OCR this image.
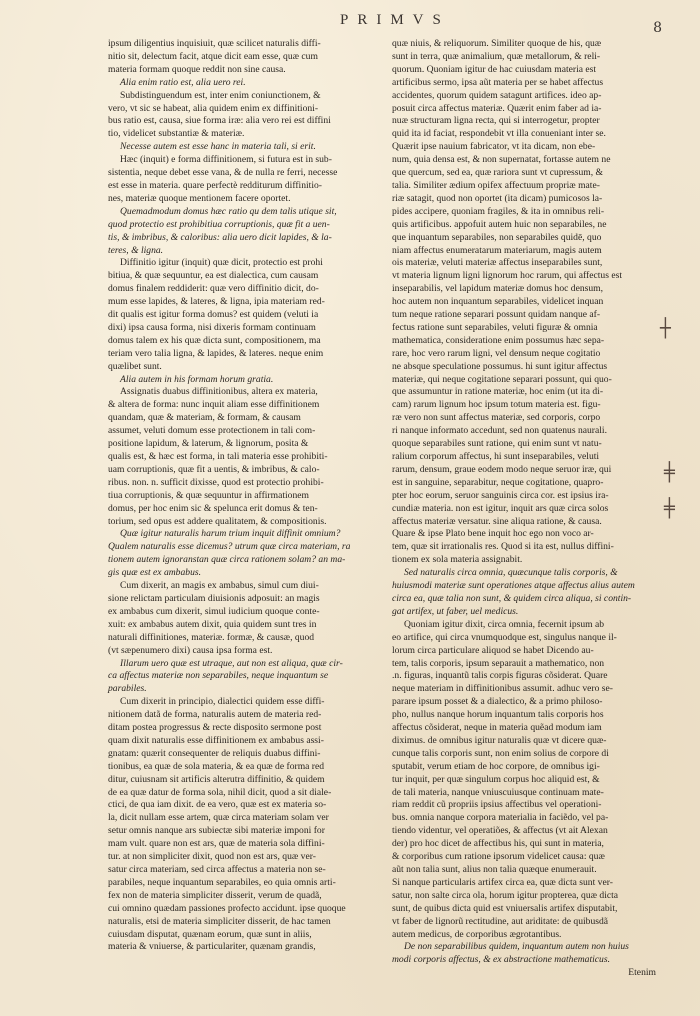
PRIMVS	8

ipsum diligentius inquisiuit, quæ scilicet naturalis diffi-

nitio sit, delectum facit, atque dicit eam esse, quæ cum

materia formam quoque reddit non sine causa.

Alia enim ratio est, alia uero rei.

Subdistinguendum est, inter enim coniunctionem, &

vero, vt sic se habeat, alia quidem enim ex diffinitioni-

bus ratio est, causa, siue forma iræ: alia vero rei est diffini

tio, videlicet substantiæ & materiæ.

Necesse autem est esse hanc in materia tali, si erit.

Hæc (inquit) e forma diffinitionem, si futura est in sub-

sistentia, neque debet esse vana, & de nulla re ferri, necesse

est esse in materia. quare perfectè redditurum diffinitio-

nes, materiæ quoque mentionem facere oportet.

Quemadmodum domus hæc ratio qu dem talis utique sit,

quod protectio est prohibitiua corruptionis, quæ fit a uen-

tis, & imbribus, & caloribus: alia uero dicit lapides, & la-

teres, & ligna.

Diffinitio igitur (inquit) quæ dicit, protectio est prohi

bitiua, & quæ sequuntur, ea est dialectica, cum causam

domus finalem reddiderit: quæ vero diffinitio dicit, do-

mum esse lapides, & lateres, & ligna, ipia materiam red-

dit qualis est igitur forma domus? est quidem (veluti ia

dixi) ipsa causa forma, nisi dixeris formam continuam

domus talem ex his quæ dicta sunt, compositionem, ma

teriam vero talia ligna, & lapides, & lateres. neque enim

quælibet sunt.

Alia autem in his formam horum gratia.

Assignatis duabus diffinitionibus, altera ex materia,

& altera de forma: nunc inquit aliam esse diffinitionem

quandam, quæ & materiam, & formam, & causam

assumet, veluti domum esse protectionem in tali com-

positione lapidum, & laterum, & lignorum, posita &

qualis est, & hæc est forma, in tali materia esse prohibiti-

uam corruptionis, quæ fit a uentis, & imbribus, & calo-

ribus. non. n. sufficit dixisse, quod est protectio prohibi-

tiua corruptionis, & quæ sequuntur in affirmationem

domus, per hoc enim sic & spelunca erit domus & ten-

torium, sed opus est addere qualitatem, & compositionis.

Quæ igitur naturalis harum trium inquit diffinit omnium?

Qualem naturalis esse dicemus? utrum quæ circa materiam, ra

tionem autem ignoranstan quæ circa rationem solam? an ma-

gis quæ est ex ambabus.

Cum dixerit, an magis ex ambabus, simul cum diui-

sione relictam particulam diuisionis adposuit: an magis

ex ambabus cum dixerit, simul iudicium quoque conte-

xuit: ex ambabus autem dixit, quia quidem sunt tres in

naturali diffinitiones, materiæ. formæ, & causæ, quod

(vt sæpenumero dixi) causa ipsa forma est.

Illarum uero quæ est utraque, aut non est aliqua, quæ cir-

ca affectus materiæ non separabiles, neque inquantum se

parabiles.

Cum dixerit in principio, dialectici quidem esse diffi-

nitionem datã de forma, naturalis autem de materia red-

ditam postea progressus & recte disposito sermone post

quam dixit naturalis esse diffinitionem ex ambabus assi-

gnatam: quærit consequenter de reliquis duabus diffini-

tionibus, ea quæ de sola materia, & ea quæ de forma red

ditur, cuiusnam sit artificis alterutra diffinitio, & quidem

de ea quæ datur de forma sola, nihil dicit, quod a sit diale-

ctici, de qua iam dixit. de ea vero, quæ est ex materia so-

la, dicit nullam esse artem, quæ circa materiam solam ver

setur omnis nanque ars subiectæ sibi materiæ imponi for

mam vult. quare non est ars, quæ de materia sola diffini-

tur. at non simpliciter dixit, quod non est ars, quæ ver-

satur circa materiam, sed circa affectus a materia non se-

parabiles, neque inquantum separabiles, eo quia omnis arti-

fex non de materia simpliciter disserit, verum de quadã,

cui omnino quædam passiones profecto accidunt. ipse quoque

naturalis, etsi de materia simpliciter disserit, de hac tamen

cuiusdam disputat, quænam eorum, quæ sunt in aliis,

materia & vniuerse, & particulariter, quænam grandis,

quæ niuis, & reliquorum. Similiter quoque de his, quæ

sunt in terra, quæ animalium, quæ metallorum, & reli-

quorum. Quoniam igitur de hac cuiusdam materia est

artificibus sermo, ipsa aũt materia per se habet affectus

accidentes, quorum quidem satagunt artifices. ideo ap-

posuit circa affectus materiæ. Quærit enim faber ad ia-

nuæ structuram ligna recta, qui si interrogetur, propter

quid ita id faciat, respondebit vt illa conueniant inter se.

Quærit ipse nauium fabricator, vt ita dicam, non ebe-

num, quia densa est, & non supernatat, fortasse autem ne

que quercum, sed ea, quæ rariora sunt vt cupressum, &

talia. Similiter ædium opifex affectuum propriæ mate-

riæ satagit, quod non oportet (ita dicam) pumicosos la-

pides accipere, quoniam fragiles, & ita in omnibus reli-

quis artificibus. appofuit autem huic non separabiles, ne

que inquantum separabiles, non separabiles quidē, quo

niam affectus enumeratarum materiarum, magis autem

ois materiæ, veluti materiæ affectus inseparabiles sunt,

vt materia lignum ligni lignorum hoc rarum, qui affectus est

inseparabilis, vel lapidum materiæ domus hoc densum,

hoc autem non inquantum separabiles, videlicet inquan

tum neque ratione separari possunt quidam nanque af-

fectus ratione sunt separabiles, veluti figuræ & omnia

mathematica, consideratione enim possumus hæc sepa-

rare, hoc vero rarum ligni, vel densum neque cogitatio

ne absque speculatione possumus. hi sunt igitur affectus

materiæ, qui neque cogitatione separari possunt, qui quo-

que assumuntur in ratione materiæ, hoc enim (ut ita di-

cam) rarum lignum hoc ipsum totum materia est. figu-

ræ vero non sunt affectus materiæ, sed corporis, corpo

ri nanque informato accedunt, sed non quatenus naurali.

quoque separabiles sunt ratione, qui enim sunt vt natu-

ralium corporum affectus, hi sunt inseparabiles, veluti

rarum, densum, graue eodem modo neque seruor iræ, qui

est in sanguine, separabitur, neque cogitatione, quapro-

pter hoc eorum, seruor sanguinis circa cor. est ipsius ira-

cundiæ materia. non est igitur, inquit ars quæ circa solos

affectus materiæ versatur. sine aliqua ratione, & causa.

Quare & ipse Plato bene inquit hoc ego non voco ar-

tem, quæ sit irrationalis res. Quod si ita est, nullus diffini-

tionem ex sola materia assignabit.

Sed naturalis circa omnia, quæcunque talis corporis, &

huiusmodi materiæ sunt operationes atque affectus alius autem

circa ea, quæ talia non sunt, & quidem circa aliqua, si contin-

gat artifex, ut faber, uel medicus.

Quoniam igitur dixit, circa omnia, fecernit ipsum ab

eo artifice, qui circa vnumquodque est, singulus nanque il-

lorum circa particulare aliquod se habet Dicendo au-

tem, talis corporis, ipsum separauit a mathematico, non

.n. figuras, inquantũ talis corpis figuras cõsiderat. Quare

neque materiam in diffinitionibus assumit. adhuc vero se-

parare ipsum posset & a dialectico, & a primo philoso-

pho, nullus nanque horum inquantum talis corporis hos

affectus cõsiderat, neque in materia quẽad modum iam

diximus. de omnibus igitur naturalis quæ vt dicere quæ-

cunque talis corporis sunt, non enim solius de corpore di

sputabit, verum etiam de hoc corpore, de omnibus igi-

tur inquit, per quæ singulum corpus hoc aliquid est, &

de tali materia, nanque vniuscuiusque continuam mate-

riam reddit cũ propriis ipsius affectibus vel operationi-

bus. omnia nanque corpora materialia in faciẽdo, vel pa-

tiendo videntur, vel operatiões, & affectus (vt ait Alexan

der) pro hoc dicet de affectibus his, qui sunt in materia,

& corporibus cum ratione ipsorum videlicet causa: quæ

aũt non talia sunt, alius non talia quæque enumerauit.

Si nanque particularis artifex circa ea, quæ dicta sunt ver-

satur, non salte circa ola, horum igitur propterea, quæ dicta

sunt, de quibus dicta quid est vniuersalis artifex disputabit,

vt faber de lignorũ rectitudine, aut ariditate: de quibusdã

autem medicus, de corporibus ægrotantibus.

De non separabilibus quidem, inquantum autem non huius

modi corporis affectus, & ex abstractione mathematicus.

Etenim

┼
╪
╪
